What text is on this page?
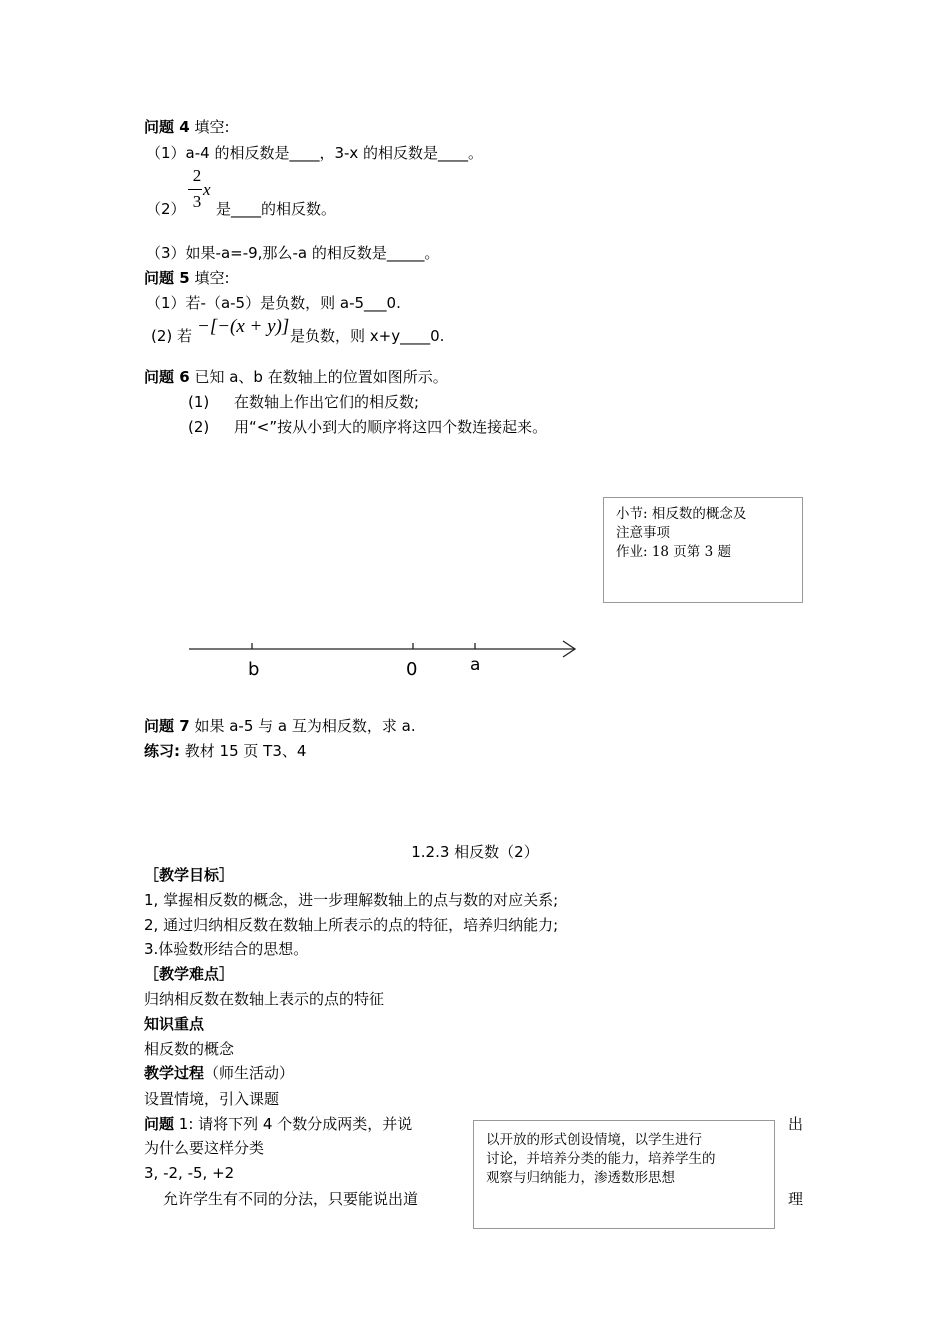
问题 4 填空:
（1）a-4 的相反数是____，3-x 的相反数是____。
2
3
x
（2） 是____的相反数。
（3）如果-a=-9,那么-a 的相反数是_____。
问题 5 填空:
（1）若-（a-5）是负数，则 a-5___0.
(2) 若 −[−(x + y)] 是负数，则 x+y____0.
问题 6 已知 a、b 在数轴上的位置如图所示。
(1) 在数轴上作出它们的相反数;
(2) 用“<”按从小到大的顺序将这四个数连接起来。
小节: 相反数的概念及
注意事项
作业: 18 页第 3 题
b	0	a
问题 7 如果 a-5 与 a 互为相反数，求 a.
练习: 教材 15 页 T3、4
1.2.3 相反数（2）
［教学目标］
1, 掌握相反数的概念，进一步理解数轴上的点与数的对应关系;
2, 通过归纳相反数在数轴上所表示的点的特征，培养归纳能力;
3.体验数形结合的思想。
［教学难点］
归纳相反数在数轴上表示的点的特征
知识重点
相反数的概念
教学过程（师生活动）
设置情境，引入课题
问题 1: 请将下列 4 个数分成两类，并说
为什么要这样分类
3, -2, -5, +2
允许学生有不同的分法，只要能说出道
出
理
以开放的形式创设情境，以学生进行
讨论，并培养分类的能力，培养学生的
观察与归纳能力，渗透数形思想
